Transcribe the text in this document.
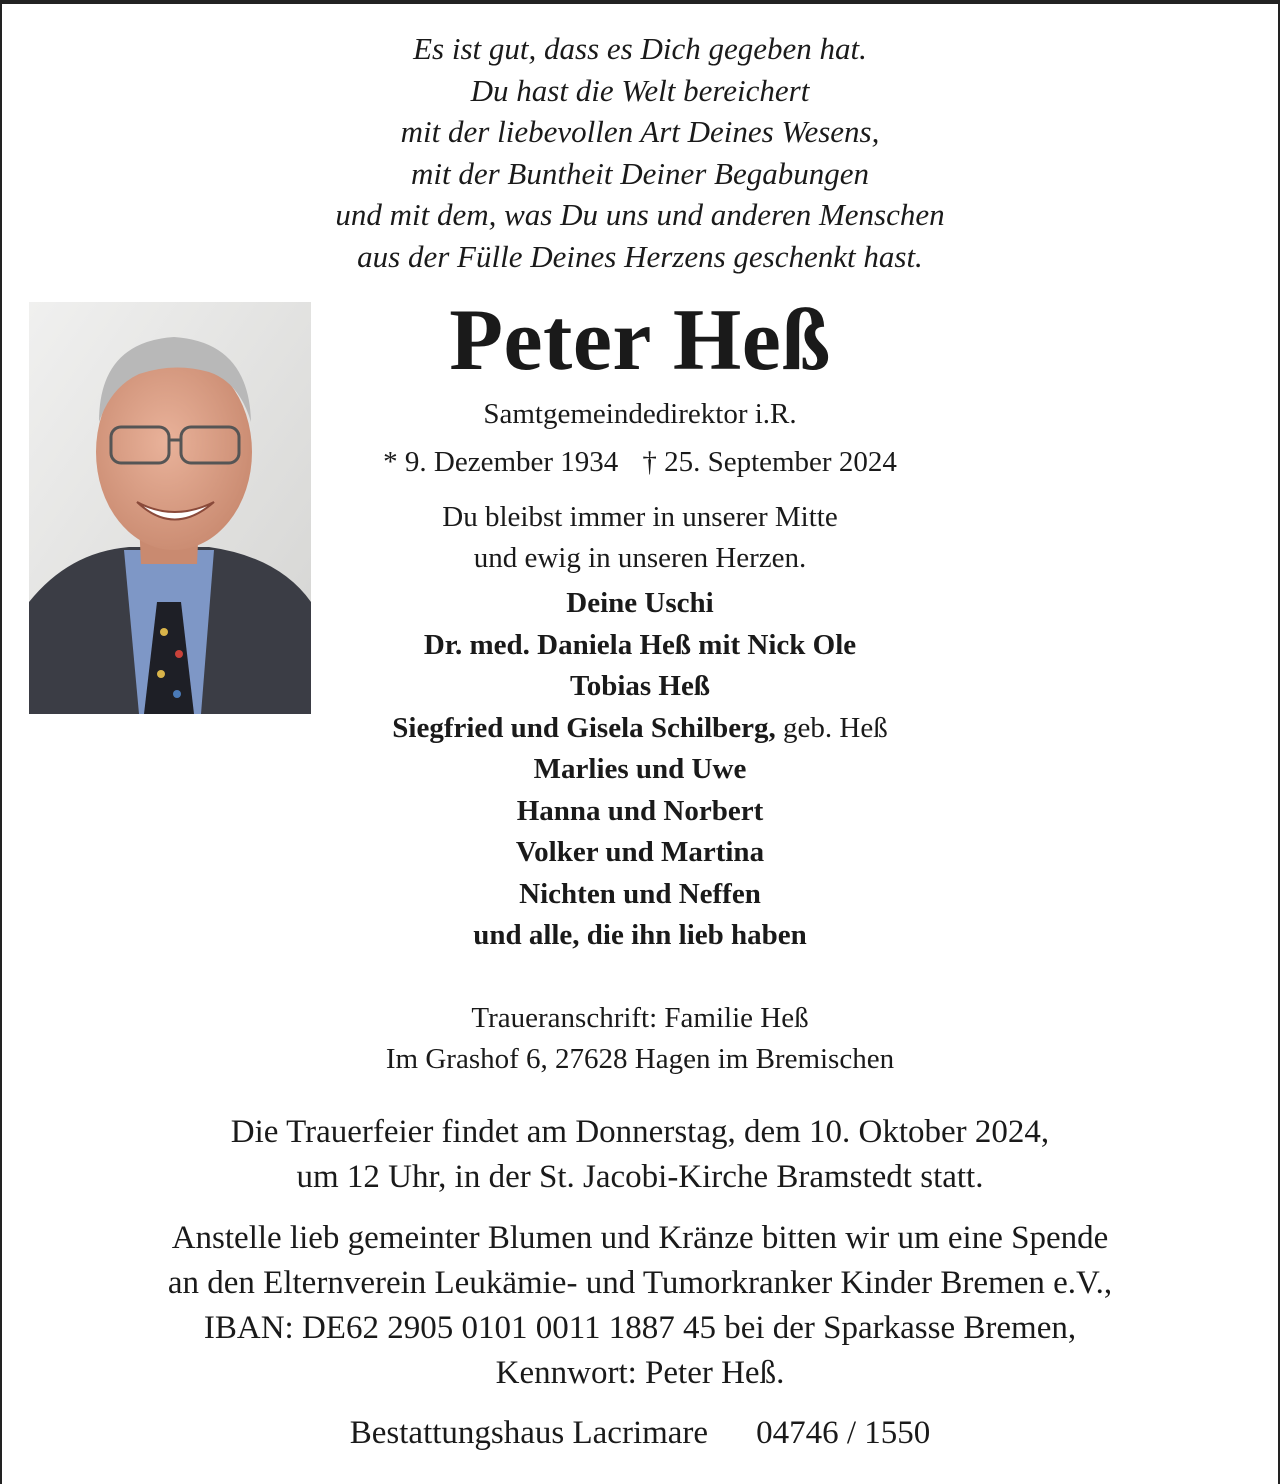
Es ist gut, dass es Dich gegeben hat.
Du hast die Welt bereichert
mit der liebevollen Art Deines Wesens,
mit der Buntheit Deiner Begabungen
und mit dem, was Du uns und anderen Menschen
aus der Fülle Deines Herzens geschenkt hast.
Peter Heß
Samtgemeindedirektor i.R.
* 9. Dezember 1934 † 25. September 2024
Du bleibst immer in unserer Mitte
und ewig in unseren Herzen.
Deine Uschi
Dr. med. Daniela Heß mit Nick Ole
Tobias Heß
Siegfried und Gisela Schilberg, geb. Heß
Marlies und Uwe
Hanna und Norbert
Volker und Martina
Nichten und Neffen
und alle, die ihn lieb haben
Traueranschrift: Familie Heß
Im Grashof 6, 27628 Hagen im Bremischen
Die Trauerfeier findet am Donnerstag, dem 10. Oktober 2024,
um 12 Uhr, in der St. Jacobi-Kirche Bramstedt statt.
Anstelle lieb gemeinter Blumen und Kränze bitten wir um eine Spende
an den Elternverein Leukämie- und Tumorkranker Kinder Bremen e.V.,
IBAN: DE62 2905 0101 0011 1887 45 bei der Sparkasse Bremen,
Kennwort: Peter Heß.
Bestattungshaus Lacrimare 04746 / 1550
